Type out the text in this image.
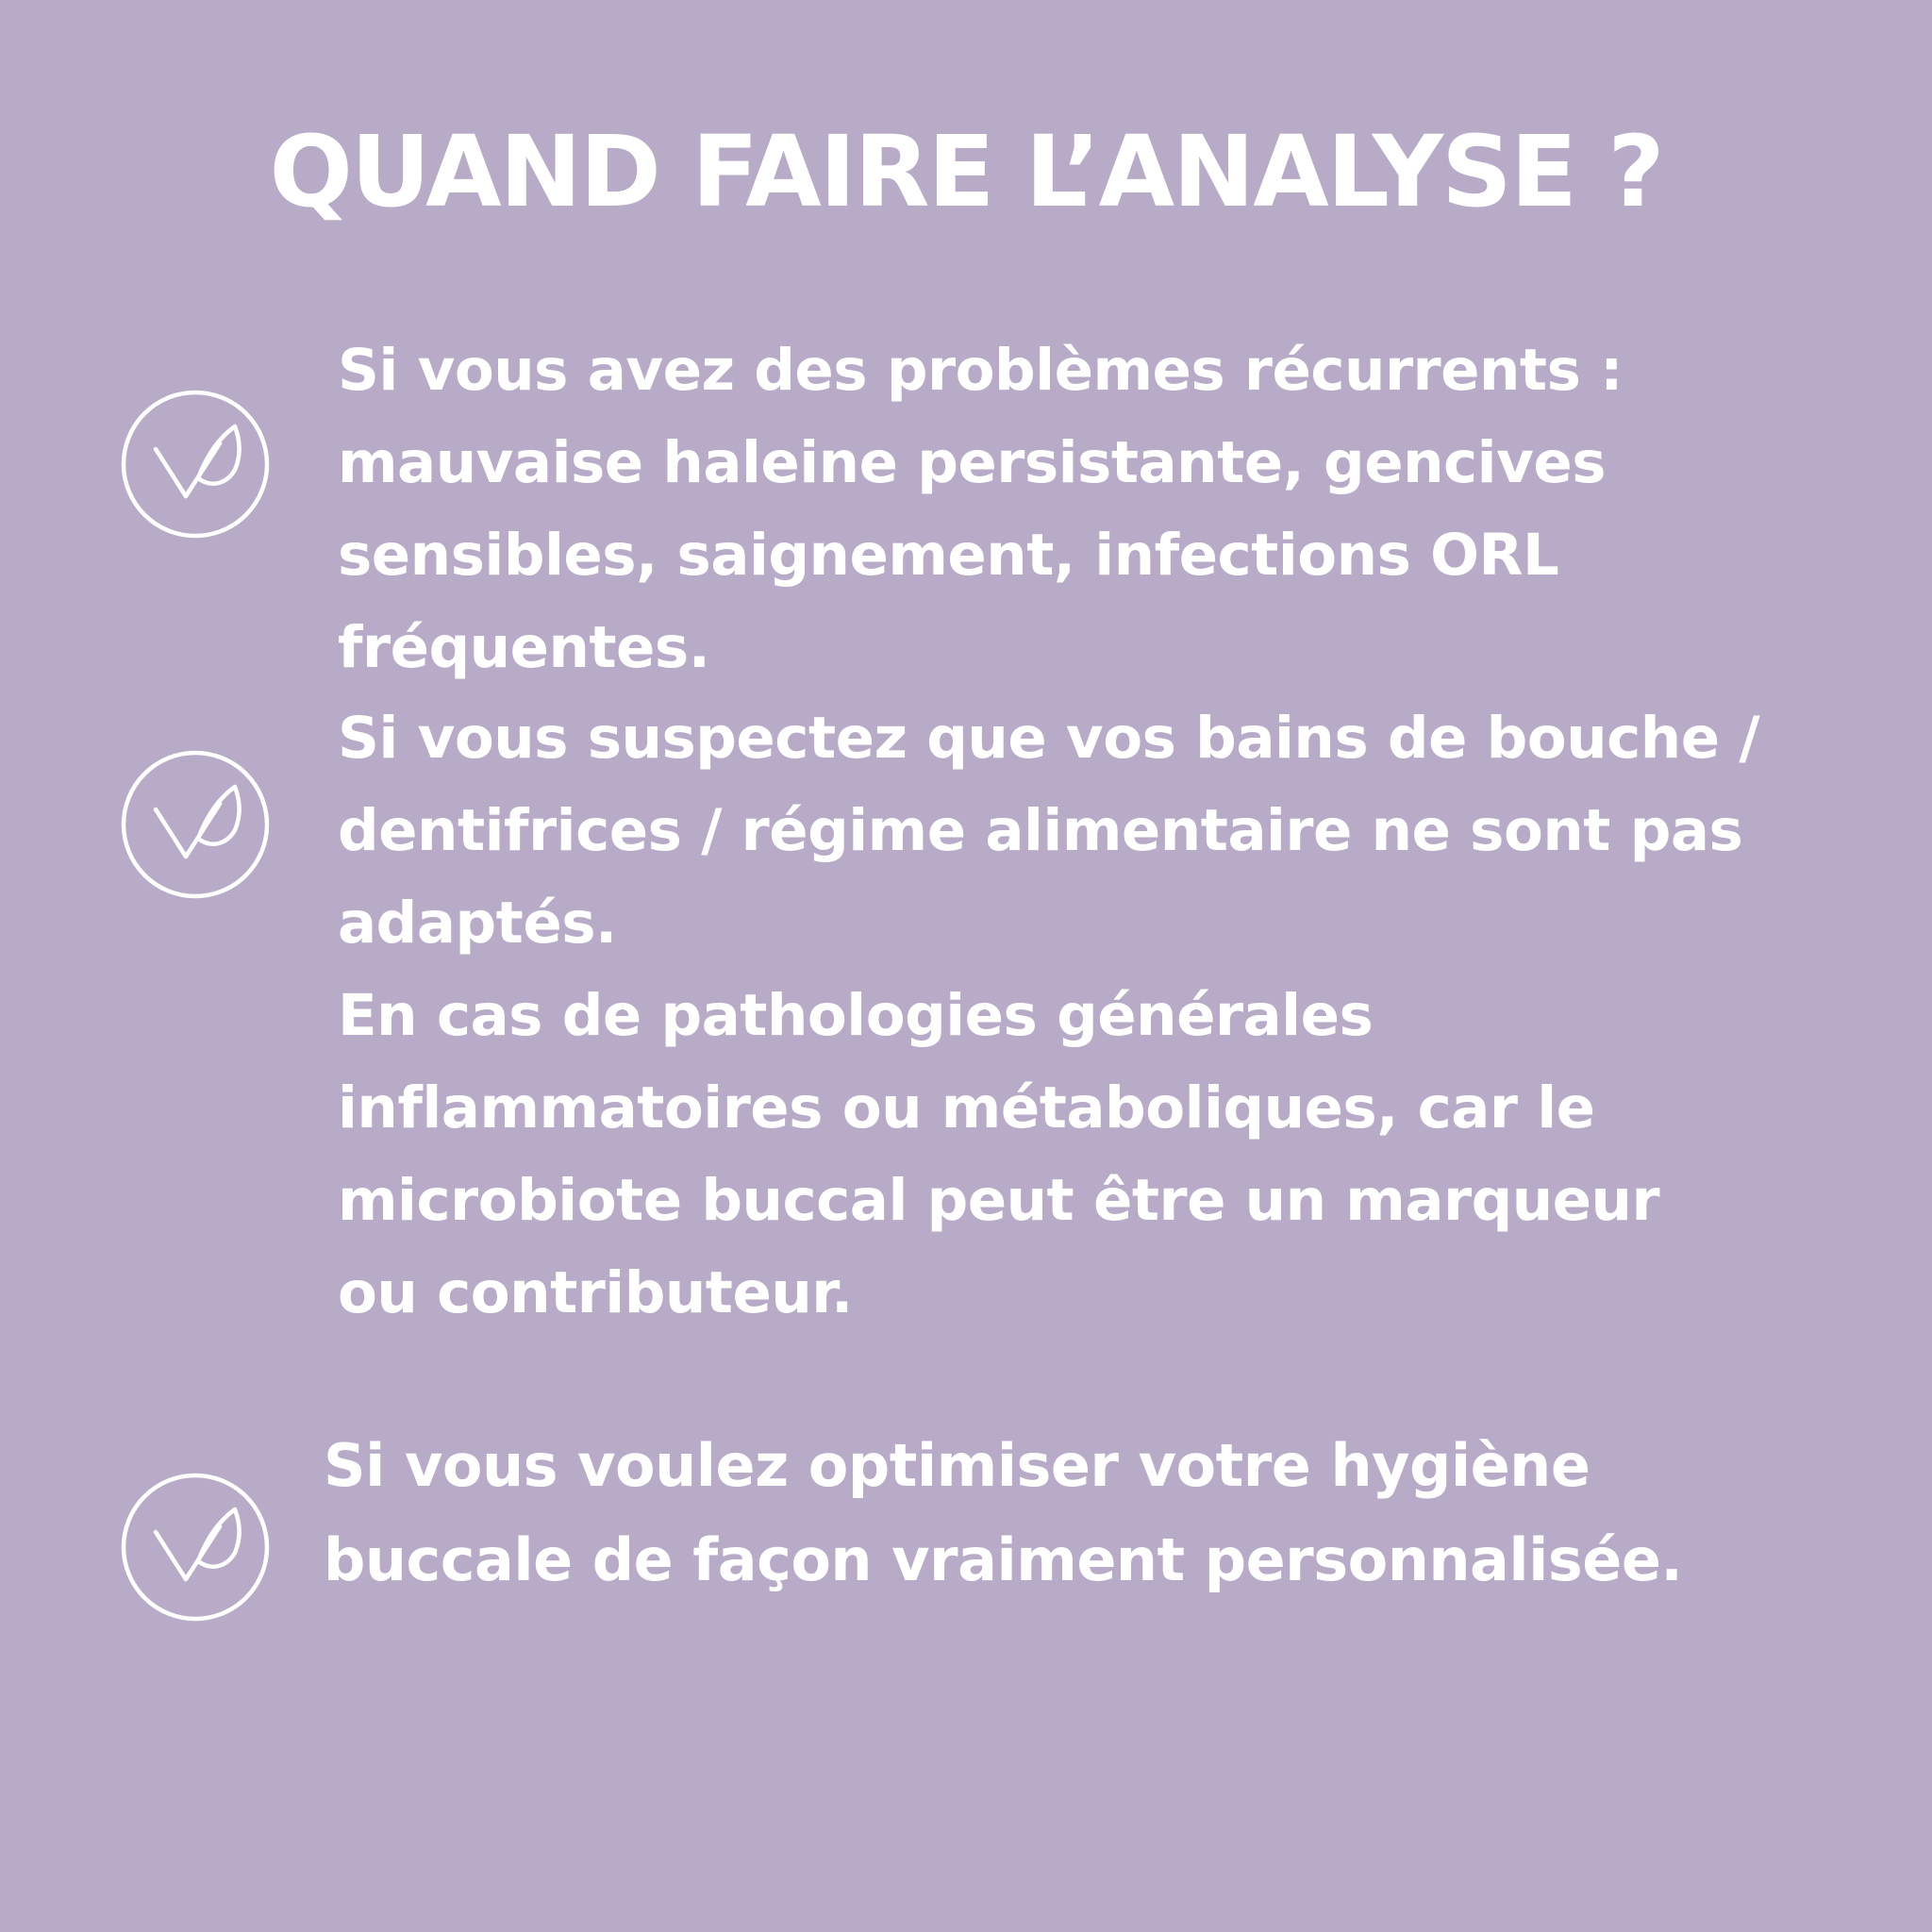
QUAND FAIRE L’ANALYSE ?

Si vous avez des problèmes récurrents :
mauvaise haleine persistante, gencives
sensibles, saignement, infections ORL
fréquentes.

Si vous suspectez que vos bains de bouche /
dentifrices / régime alimentaire ne sont pas
adaptés.
En cas de pathologies générales
inflammatoires ou métaboliques, car le
microbiote buccal peut être un marqueur
ou contributeur.

Si vous voulez optimiser votre hygiène
buccale de façon vraiment personnalisée.
